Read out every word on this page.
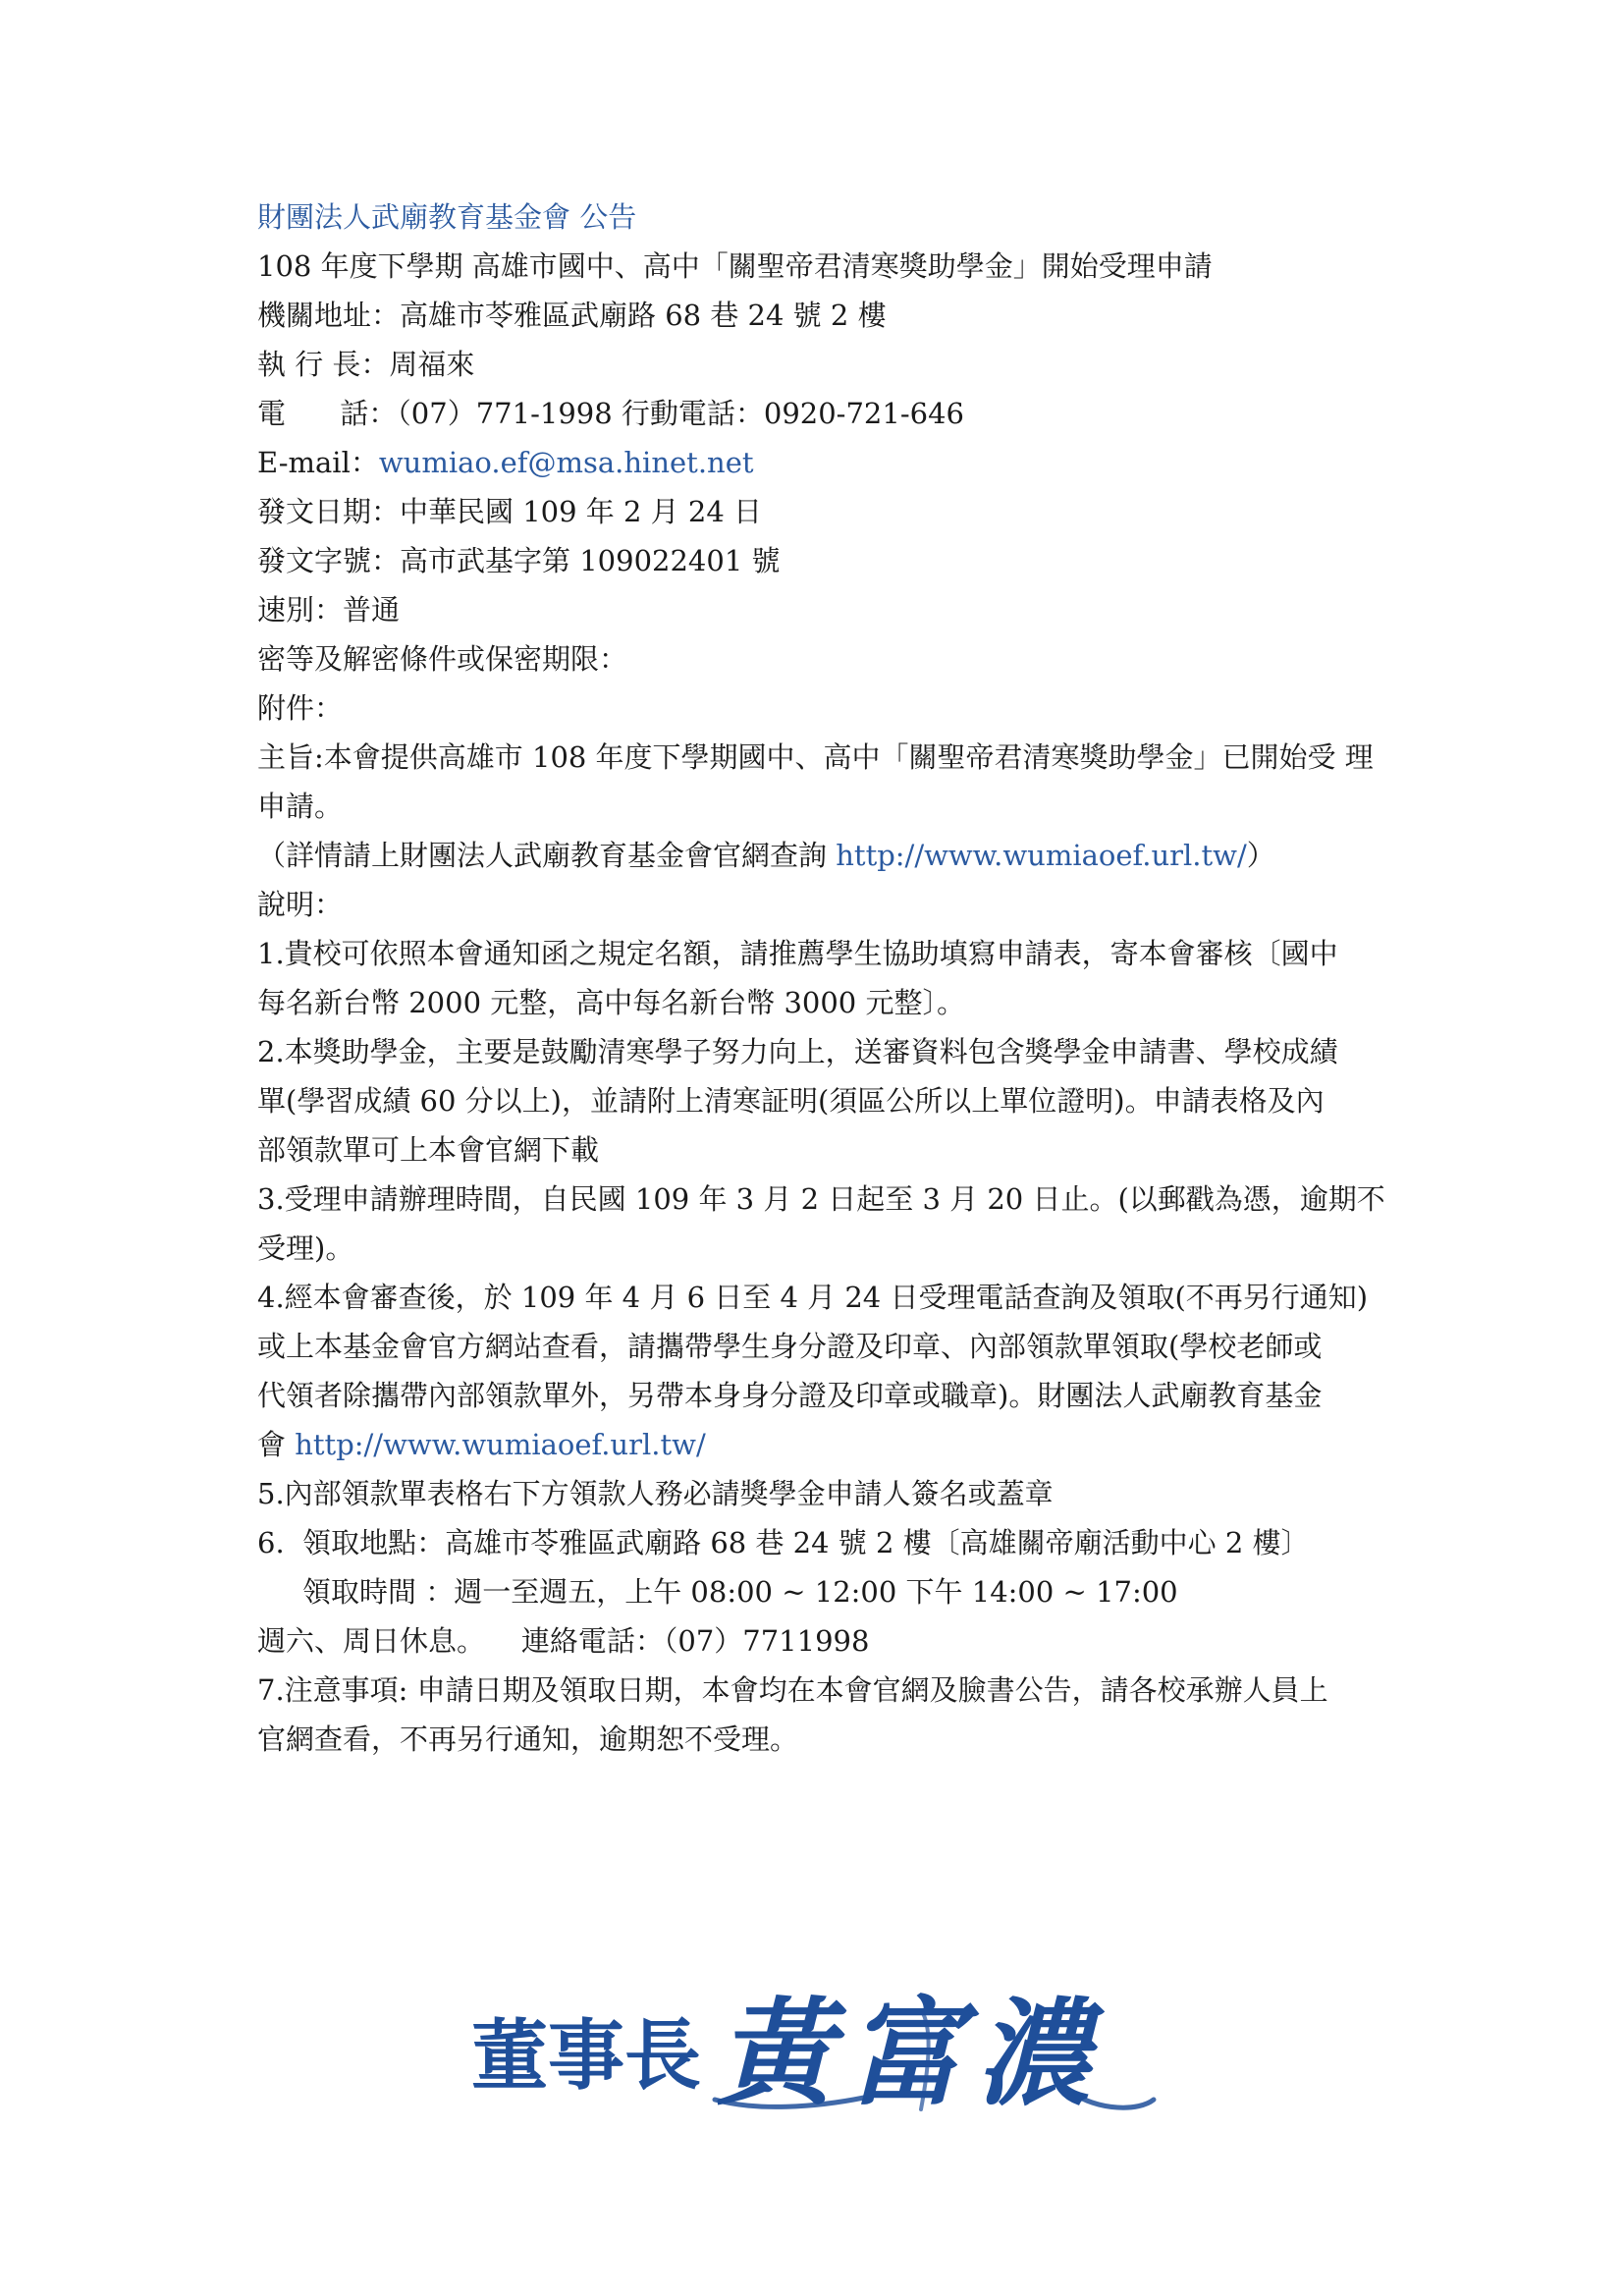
財團法人武廟教育基金會 公告
108 年度下學期 高雄市國中、高中「關聖帝君清寒獎助學金」開始受理申請
機關地址：高雄市苓雅區武廟路 68 巷 24 號 2 樓
執 行 長：周福來
電      話：（07）771-1998 行動電話：0920-721-646
E-mail：wumiao.ef@msa.hinet.net
發文日期：中華民國 109 年 2 月 24 日
發文字號：高市武基字第 109022401 號
速別：普通
密等及解密條件或保密期限：
附件：
主旨:本會提供高雄市 108 年度下學期國中、高中「關聖帝君清寒獎助學金」已開始受 理
申請。
（詳情請上財團法人武廟教育基金會官網查詢 http://www.wumiaoef.url.tw/）
說明：
1.貴校可依照本會通知函之規定名額，請推薦學生協助填寫申請表，寄本會審核〔國中
每名新台幣 2000 元整，高中每名新台幣 3000 元整〕。
2.本獎助學金，主要是鼓勵清寒學子努力向上，送審資料包含獎學金申請書、學校成績
單(學習成績 60 分以上)，並請附上清寒証明(須區公所以上單位證明)。申請表格及內
部領款單可上本會官網下載
3.受理申請辦理時間，自民國 109 年 3 月 2 日起至 3 月 20 日止。(以郵戳為憑，逾期不
受理)。
4.經本會審查後，於 109 年 4 月 6 日至 4 月 24 日受理電話查詢及領取(不再另行通知)
或上本基金會官方網站查看，請攜帶學生身分證及印章、內部領款單領取(學校老師或
代領者除攜帶內部領款單外，另帶本身身分證及印章或職章)。財團法人武廟教育基金
會 http://www.wumiaoef.url.tw/
5.內部領款單表格右下方領款人務必請獎學金申請人簽名或蓋章
6.  領取地點：高雄市苓雅區武廟路 68 巷 24 號 2 樓〔高雄關帝廟活動中心 2 樓〕
領取時間 ：週一至週五，上午 08:00 ~ 12:00 下午 14:00 ~ 17:00
週六、周日休息。    連絡電話：（07）7711998
7.注意事項: 申請日期及領取日期，本會均在本會官網及臉書公告，請各校承辦人員上
官網查看，不再另行通知，逾期恕不受理。
董事長 黃富濃
